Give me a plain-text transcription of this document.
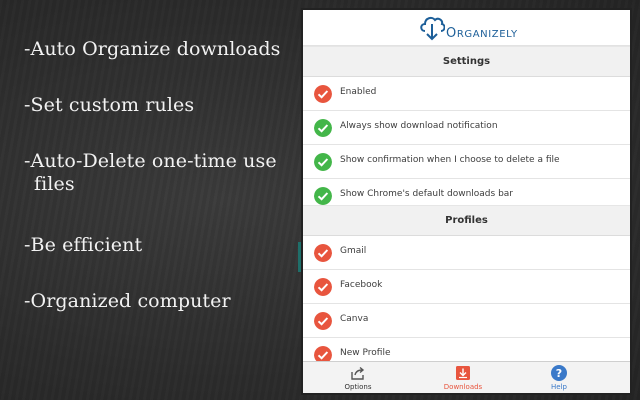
-Auto Organize downloads
-Set custom rules
-Auto-Delete one-time use
files
-Be efficient
-Organized computer
ORGANIZELY
Settings
Enabled
Always show download notification
Show confirmation when I choose to delete a file
Show Chrome's default downloads bar
Profiles
Gmail
Facebook
Canva
New Profile
Options	Downloads
?
Help
